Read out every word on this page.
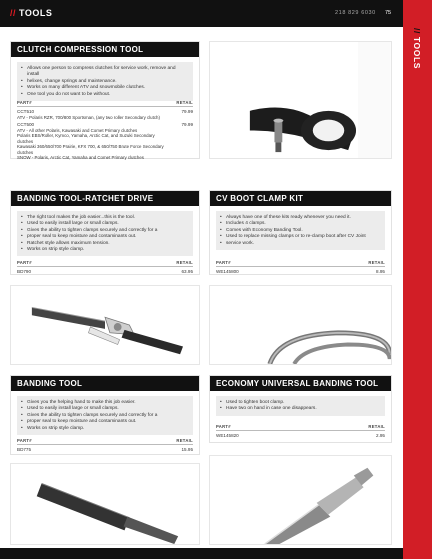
// TOOLS	218 829 6030 75
// TOOLS
CLUTCH COMPRESSION TOOL
• Allows one person to compress clutches for service work, remove and install
• helixes, change springs and maintenance.
• Works on many different ATV and snowmobile clutches.
• One tool you do not want to be without.
PART#	RETAIL
CCT510	79.99
ATV - Polaris RZR, 700/800 Sportsman, (any two roller Secondary clutch)
CCT500	79.99
ATV - All other Polaris, Kawasaki and Comet Primary clutches
Polaris EBS/Roller, Kymco, Yamaha, Arctic Cat, and Suzuki Secondary clutches
Kawasaki 360/650/700 Prairie, KFX 700, & 650/750 Brute Force Secondary clutches
SNOW - Polaris, Arctic Cat, Yamaha and Comet Primary clutches
BANDING TOOL-RATCHET DRIVE
• The right tool makes the job easier...this is the tool.
• Used to easily install large or small clamps.
• Gives the ability to tighten clamps securely and correctly for a
• proper seal to keep moisture and contaminants out.
• Ratchet style allows maximum tension.
• Works on strip style clamp.
PART#	RETAIL
BD790	63.95
CV BOOT CLAMP KIT
• Always have one of these kits ready whenever you need it.
• Includes 4 clamps.
• Comes with Economy Banding Tool.
• Used to replace missing clamps or to re-clamp boot after CV Joint
• service work.
PART#	RETAIL
WE145800	8.95
BANDING TOOL
• Gives you the helping hand to make this job easier.
• Used to easily install large or small clamps.
• Gives the ability to tighten clamps securely and correctly for a
• proper seal to keep moisture and contaminants out.
• Works on strip style clamp.
PART#	RETAIL
BD775	15.95
ECONOMY UNIVERSAL BANDING TOOL
• Used to tighten boot clamp.
• Have two on hand in case one disappears.
PART#	RETAIL
WE145820	2.95
